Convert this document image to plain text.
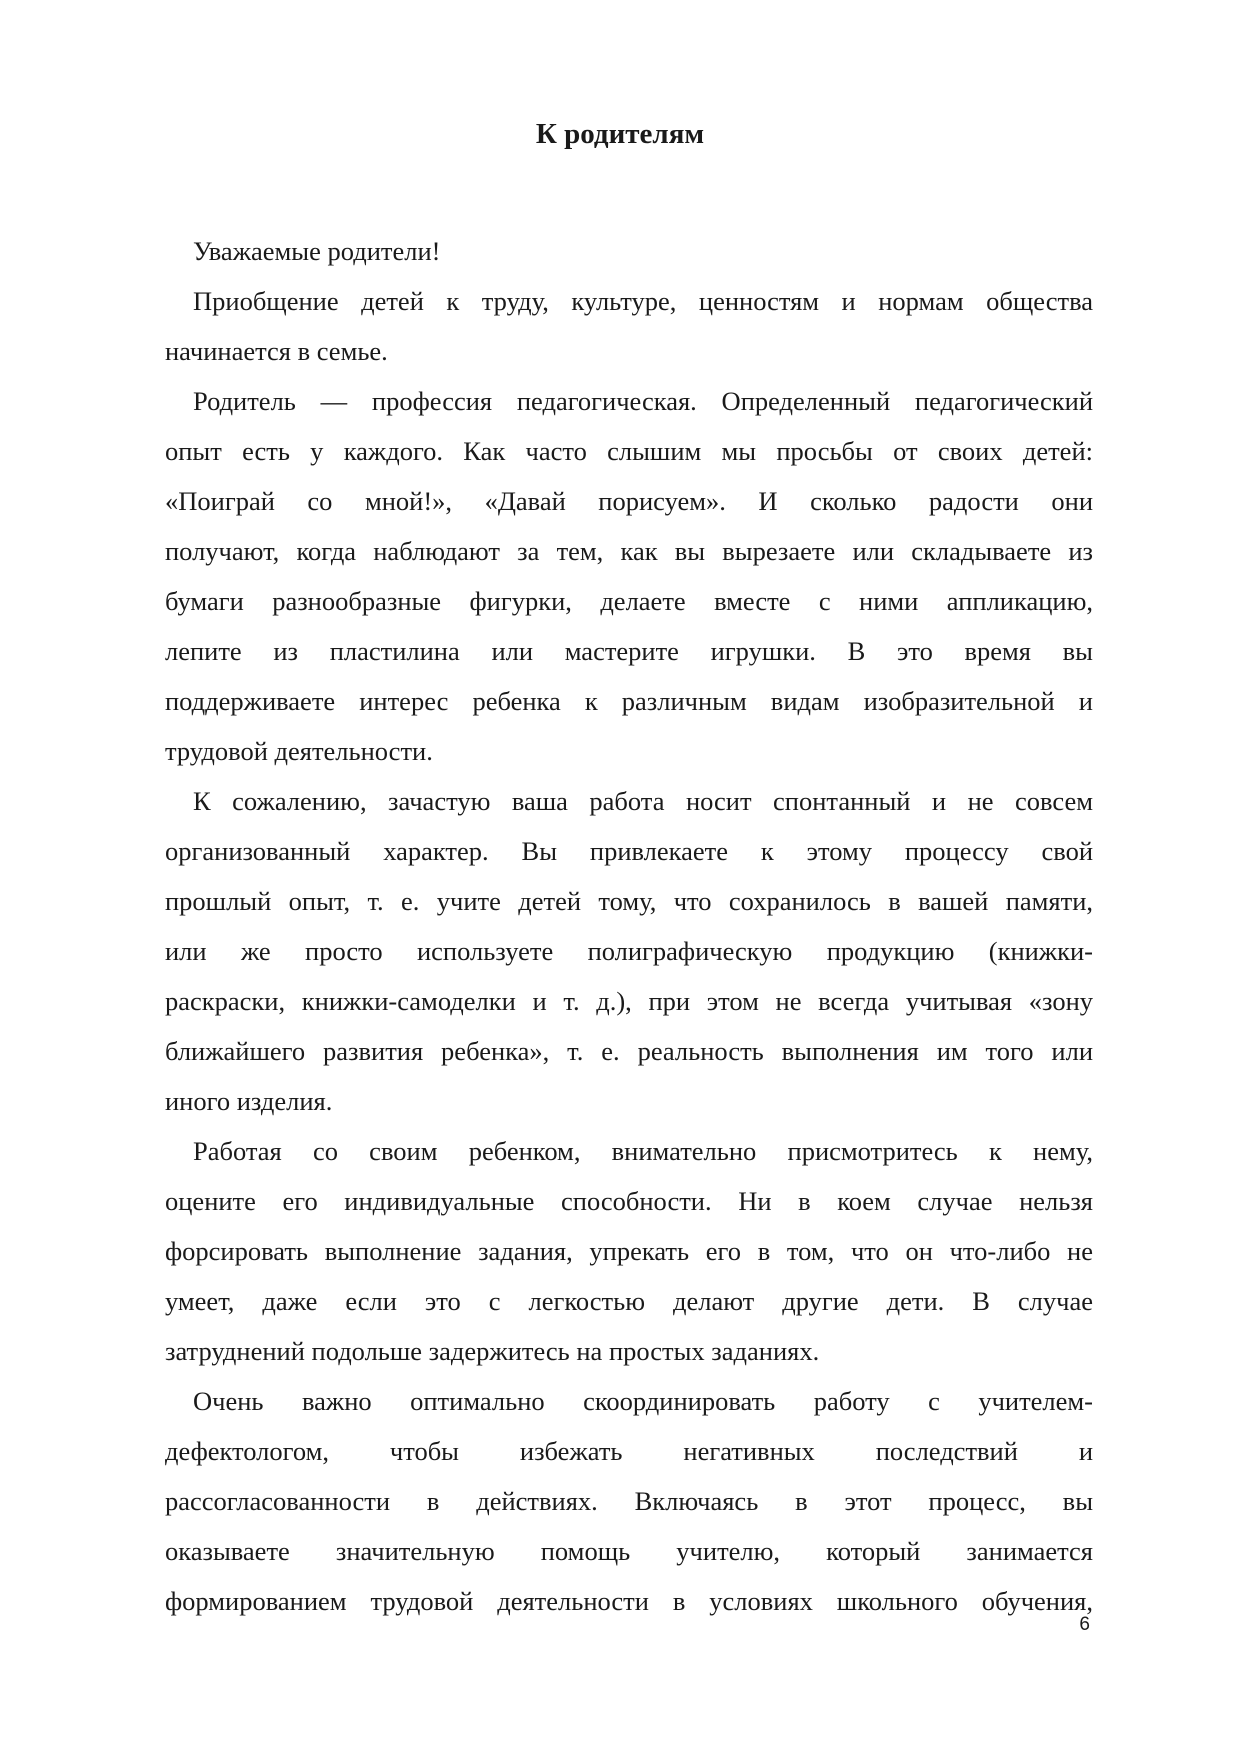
К родителям
Уважаемые родители!
Приобщение детей к труду, культуре, ценностям и нормам общества
начинается в семье.
Родитель — профессия педагогическая. Определенный педагогический
опыт есть у каждого. Как часто слышим мы просьбы от своих детей:
«Поиграй со мной!», «Давай порисуем». И сколько радости они
получают, когда наблюдают за тем, как вы вырезаете или складываете из
бумаги разнообразные фигурки, делаете вместе с ними аппликацию,
лепите из пластилина или мастерите игрушки. В это время вы
поддерживаете интерес ребенка к различным видам изобразительной и
трудовой деятельности.
К сожалению, зачастую ваша работа носит спонтанный и не совсем
организованный характер. Вы привлекаете к этому процессу свой
прошлый опыт, т. е. учите детей тому, что сохранилось в вашей памяти,
или же просто используете полиграфическую продукцию (книжки-
раскраски, книжки-самоделки и т. д.), при этом не всегда учитывая «зону
ближайшего развития ребенка», т. е. реальность выполнения им того или
иного изделия.
Работая со своим ребенком, внимательно присмотритесь к нему,
оцените его индивидуальные способности. Ни в коем случае нельзя
форсировать выполнение задания, упрекать его в том, что он что-либо не
умеет, даже если это с легкостью делают другие дети. В случае
затруднений подольше задержитесь на простых заданиях.
Очень важно оптимально скоординировать работу с учителем-
дефектологом, чтобы избежать негативных последствий и
рассогласованности в действиях. Включаясь в этот процесс, вы
оказываете значительную помощь учителю, который занимается
формированием трудовой деятельности в условиях школьного обучения,
6
